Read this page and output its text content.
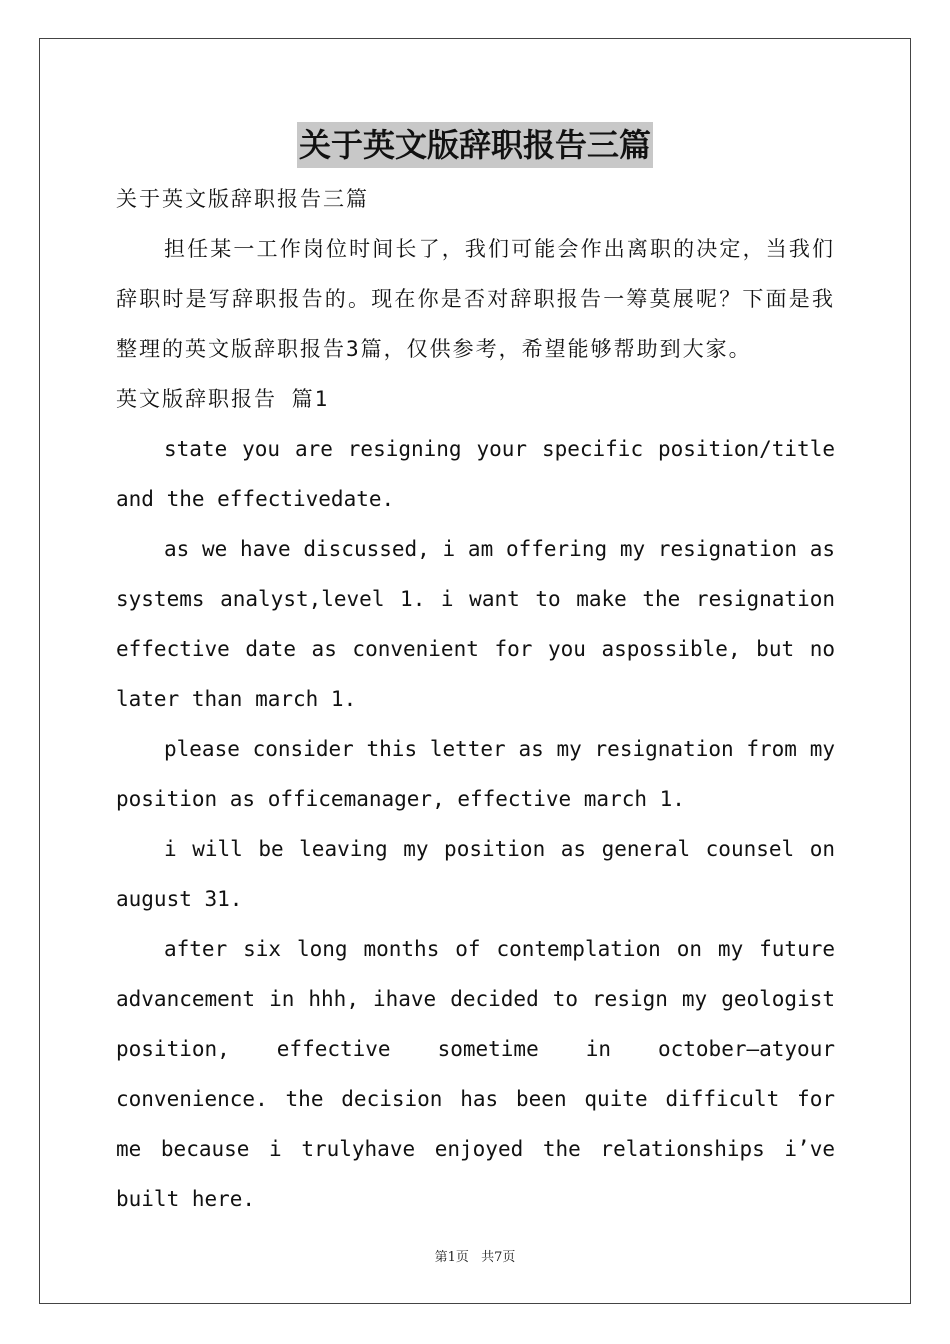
关于英文版辞职报告三篇

关于英文版辞职报告三篇

担任某一工作岗位时间长了，我们可能会作出离职的决定，当我们辞职时是写辞职报告的。现在你是否对辞职报告一筹莫展呢？下面是我整理的英文版辞职报告3篇，仅供参考，希望能够帮助到大家。

英文版辞职报告 篇1

state you are resigning your specific position/title and the effectivedate.

as we have discussed, i am offering my resignation as systems analyst,level 1. i want to make the resignation effective date as convenient for you aspossible, but no later than march 1.

please consider this letter as my resignation from my position as officemanager, effective march 1.

i will be leaving my position as general counsel on august 31.

after six long months of contemplation on my future advancement in hhh, ihave decided to resign my geologist position, effective sometime in october–atyour convenience. the decision has been quite difficult for me because i trulyhave enjoyed the relationships i’ve built here.

第1页 共7页
